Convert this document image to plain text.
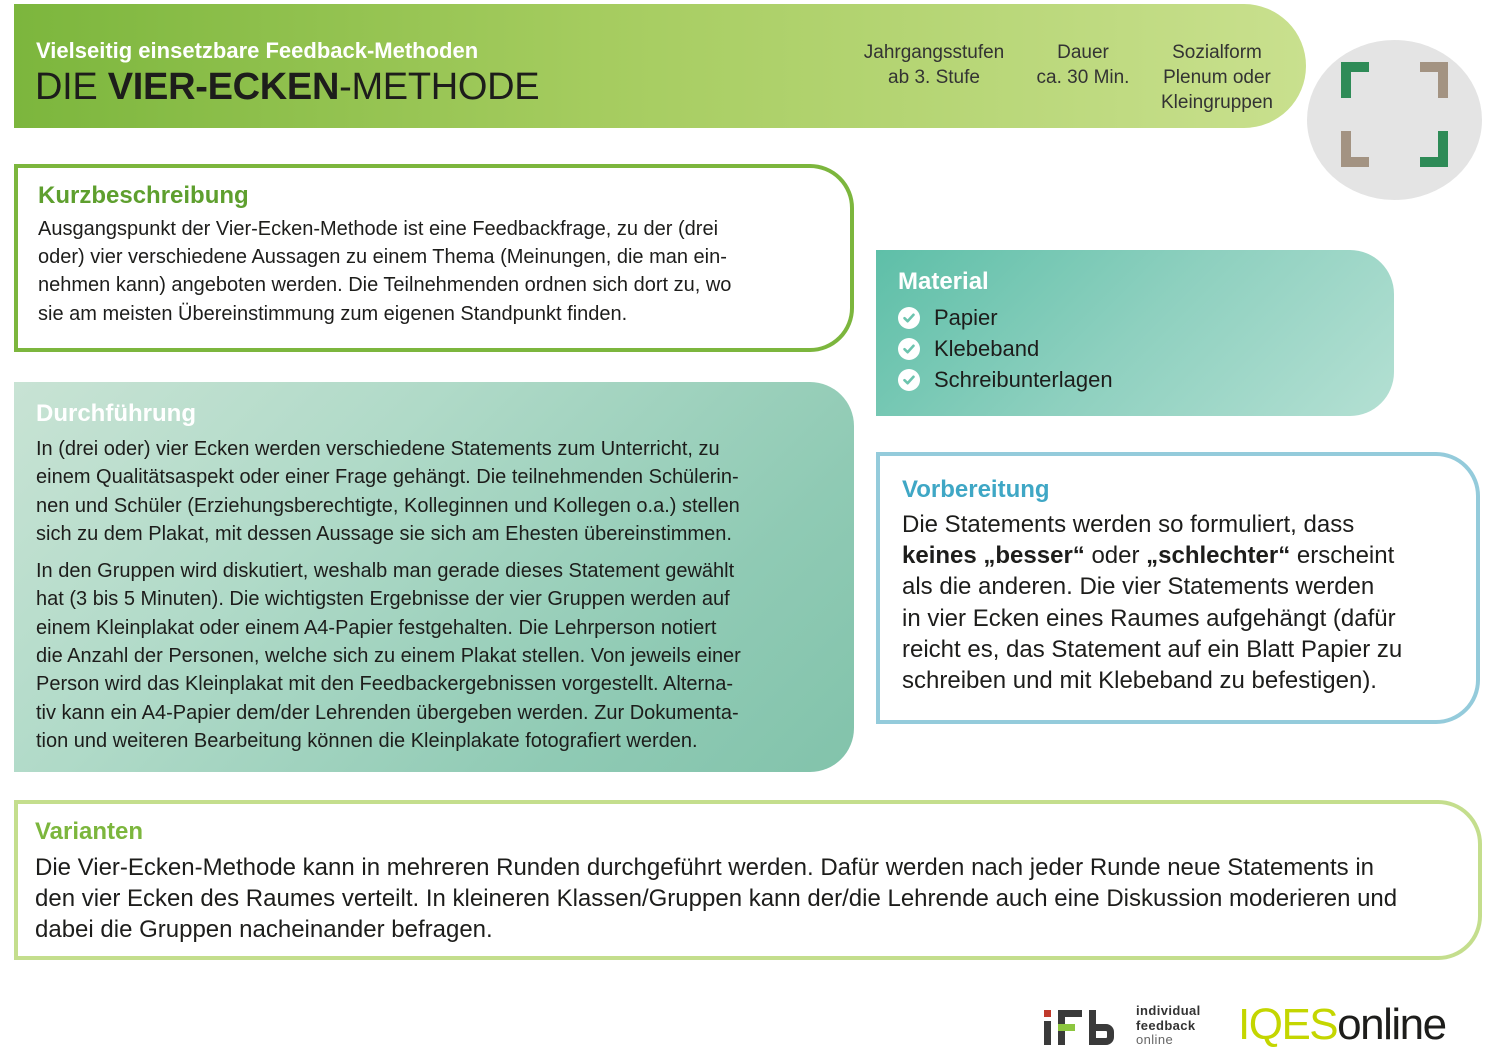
Vielseitig einsetzbare Feedback-Methoden
DIE VIER-ECKEN-METHODE
Jahrgangsstufen
ab 3. Stufe
Dauer
ca. 30 Min.
Sozialform
Plenum oder
Kleingruppen
Kurzbeschreibung

Ausgangspunkt der Vier-Ecken-Methode ist eine Feedbackfrage, zu der (drei
oder) vier verschiedene Aussagen zu einem Thema (Meinungen, die man ein-
nehmen kann) angeboten werden. Die Teilnehmenden ordnen sich dort zu, wo
sie am meisten Übereinstimmung zum eigenen Standpunkt finden.

Durchführung

In (drei oder) vier Ecken werden verschiedene Statements zum Unterricht, zu
einem Qualitätsaspekt oder einer Frage gehängt. Die teilnehmenden Schülerin-
nen und Schüler (Erziehungsberechtigte, Kolleginnen und Kollegen o.a.) stellen
sich zu dem Plakat, mit dessen Aussage sie sich am Ehesten übereinstimmen.

In den Gruppen wird diskutiert, weshalb man gerade dieses Statement gewählt
hat (3 bis 5 Minuten). Die wichtigsten Ergebnisse der vier Gruppen werden auf
einem Kleinplakat oder einem A4-Papier festgehalten. Die Lehrperson notiert
die Anzahl der Personen, welche sich zu einem Plakat stellen. Von jeweils einer
Person wird das Kleinplakat mit den Feedbackergebnissen vorgestellt. Alterna-
tiv kann ein A4-Papier dem/der Lehrenden übergeben werden. Zur Dokumenta-
tion und weiteren Bearbeitung können die Kleinplakate fotografiert werden.

Material
Papier
Klebeband
Schreibunterlagen
Vorbereitung

Die Statements werden so formuliert, dass
keines „besser“ oder „schlechter“ erscheint
als die anderen. Die vier Statements werden
in vier Ecken eines Raumes aufgehängt (dafür
reicht es, das Statement auf ein Blatt Papier zu
schreiben und mit Klebeband zu befestigen).

Varianten

Die Vier-Ecken-Methode kann in mehreren Runden durchgeführt werden. Dafür werden nach jeder Runde neue Statements in
den vier Ecken des Raumes verteilt. In kleineren Klassen/Gruppen kann der/die Lehrende auch eine Diskussion moderieren und
dabei die Gruppen nacheinander befragen.

individual
feedback
online	IQESonline
